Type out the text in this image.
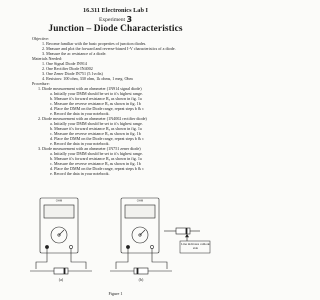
16.311 Electronics Lab I
Experiment 3
Junction – Diode Characteristics
Objective:
1. Become familiar with the basic properties of junction diodes.
2. Measure and plot the forward and reverse-biased I-V characteristics of a diode.
3. Measure the ac resistance of a diode.
Materials Needed:
1. One Signal Diode IN914
2. One Rectifier Diode IN4002
3. One Zener Diode IN751 (5.1volts)
4. Resistors: 100 ohm, 330 ohm, 1k ohms, 1 meg. Ohm
Procedure:
1. Diode measurement with an ohmmeter (1N914 signal diode)
a. Initially your DMM should be set to it's highest range.
b. Measure it's forward resistance Rₓ as shown in fig. 1a
c. Measure the reverse resistance Rᵣ as shown in fig. 1b
d. Place the DMM on the Diode range, repeat steps b & c
e. Record the data in your notebook.
2. Diode measurement with an ohmmeter (1N4002 rectifier diode)
a. Initially your DMM should be set to it's highest range.
b. Measure it's forward resistance Rₓ as shown in fig. 1a
c. Measure the reverse resistance Rᵣ as shown in fig. 1b
d. Place the DMM on the Diode range, repeat steps b & c
e. Record the data in your notebook.
3. Diode measurement with an ohmmeter (1N751 zener diode)
a. Initially your DMM should be set to it's highest range.
b. Measure it's forward resistance Rₓ as shown in fig. 1a
c. Measure the reverse resistance Rᵣ as shown in fig. 1b
d. Place the DMM on the Diode range, repeat steps b & c
e. Record the data in your notebook.
OHM	OHM
(a)	(b)
Line indicates cathode side
Figure 1
